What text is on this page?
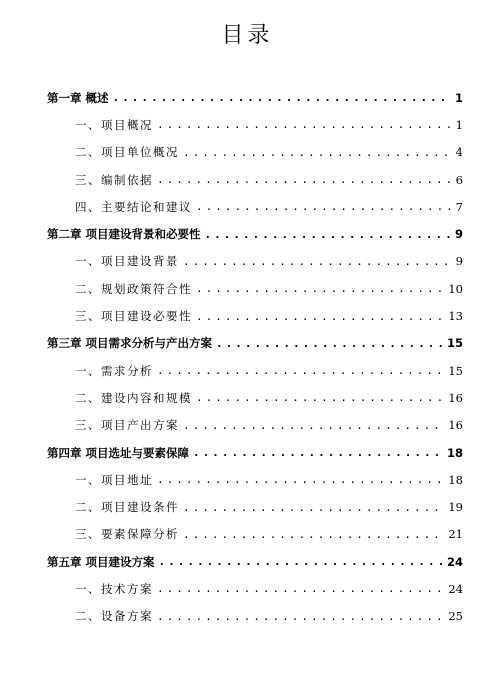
目录
第一章 概述 .....	1
一、项目概况 .....	1
二、项目单位概况 .....	4
三、编制依据 .....	6
四、主要结论和建议 .....	7
第二章 项目建设背景和必要性 .....	9
一、项目建设背景 .....	9
二、规划政策符合性 .....	10
三、项目建设必要性 .....	13
第三章 项目需求分析与产出方案 .....	15
一、需求分析 .....	15
二、建设内容和规模 .....	16
三、项目产出方案 .....	16
第四章 项目选址与要素保障 .....	18
一、项目地址 .....	18
二、项目建设条件 .....	19
三、要素保障分析 .....	21
第五章 项目建设方案 .....	24
一、技术方案 .....	24
二、设备方案 .....	25
